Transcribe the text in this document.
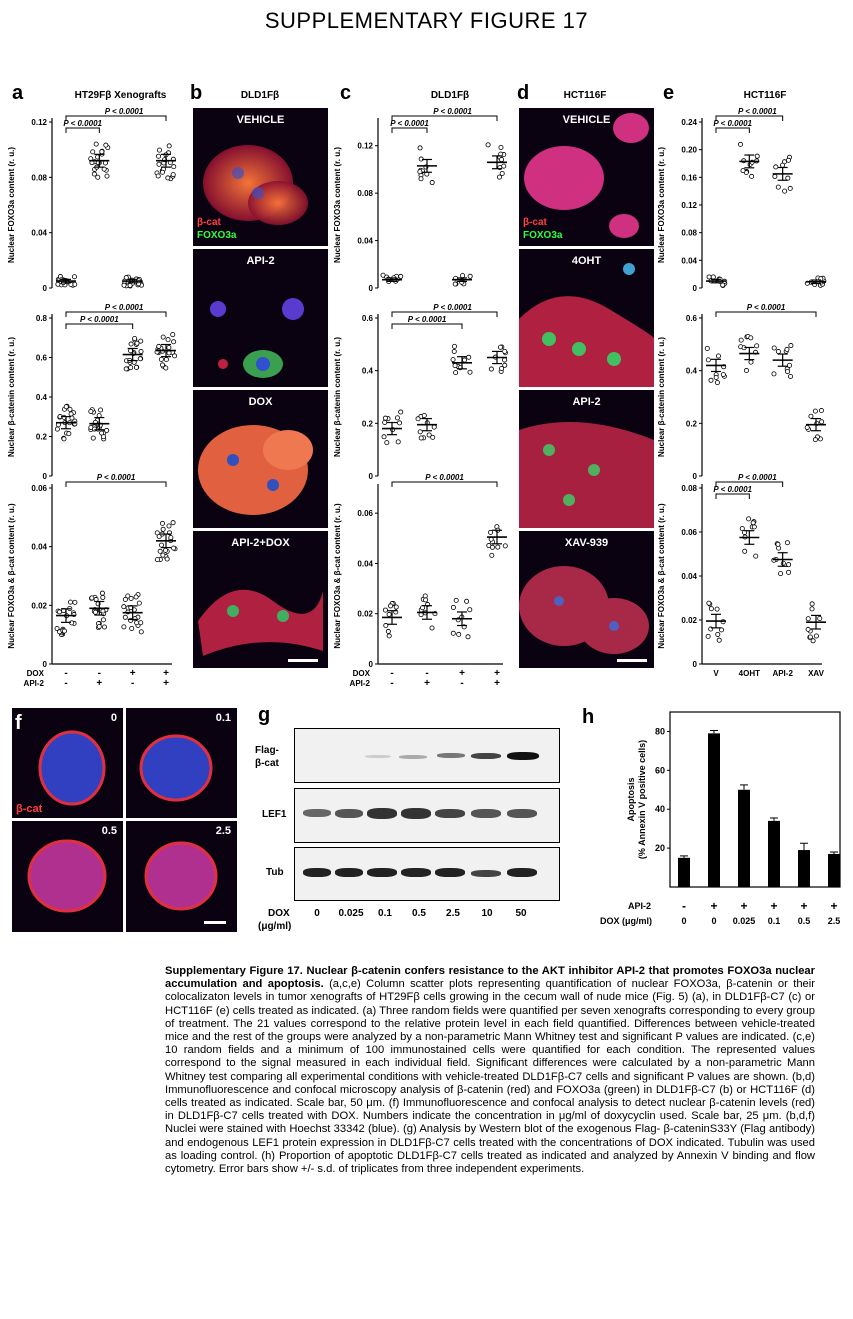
SUPPLEMENTARY FIGURE 17
a	HT29Fβ Xenografts	b	DLD1Fβ	c	DLD1Fβ	d	HCT116F	e	HCT116F
0
0.04
0.08
0.12
Nuclear FOXO3a content (r. u.)
P < 0.0001
P < 0.0001
0
0.2
0.4
0.6
0.8
Nuclear β-catenin content (r. u.)
P < 0.0001
P < 0.0001
0
0.02
0.04
0.06
Nuclear FOXO3a & β-cat content (r. u.)
P < 0.0001
DOX
API-2
-	-	+	+
-	+	-	+
0
0.04
0.08
0.12
Nuclear FOXO3a content (r. u.)
P < 0.0001
P < 0.0001
0
0.2
0.4
0.6
Nuclear β-catenin content (r. u.)
P < 0.0001
P < 0.0001
0
0.02
0.04
0.06
Nuclear FOXO3a & β-cat content (r. u.)
P < 0.0001
DOX
API-2
-	-	+	+
-	+	-	+
0
0.04
0.08
0.12
0.16
0.20
0.24
Nuclear FOXO3a content (r. u.)
P < 0.0001
P < 0.0001
0
0.2
0.4
0.6
Nuclear β-catenin content (r. u.)
P < 0.0001
0
0.02
0.04
0.06
0.08
Nuclear FOXO3a & β-cat content (r. u.)
P < 0.0001
P < 0.0001
V 4OHT API-2 XAV
VEHICLE
β-cat
FOXO3a
API-2
DOX
API-2+DOX
VEHICLE
β-cat
FOXO3a
4OHT
API-2
XAV-939
f	0	0.1
0.5	2.5
β-cat
g
Flag-
β-cat
LEF1
Tub
DOX
(μg/ml)
0	0.025	0.1	0.5	2.5	10	50
h
20
40
60
80
Apoptosis (% Annexin V positive cells)
API-2
DOX (μg/ml)
- + + + + +
0	0 0.025 0.1 0.5 2.5
Supplementary Figure 17. Nuclear β-catenin confers resistance to the AKT inhibitor API-2 that promotes FOXO3a nuclear accumulation and apoptosis. (a,c,e) Column scatter plots representing quantification of nuclear FOXO3a, β-catenin or their colocalizaton levels in tumor xenografts of HT29Fβ cells growing in the cecum wall of nude mice (Fig. 5) (a), in DLD1Fβ-C7 (c) or HCT116F (e) cells treated as indicated. (a) Three random fields were quantified per seven xenografts corresponding to every group of treatment. The 21 values correspond to the relative protein level in each field quantified. Differences between vehicle-treated mice and the rest of the groups were analyzed by a non-parametric Mann Whitney test and significant P values are indicated. (c,e) 10 random fields and a minimum of 100 immunostained cells were quantified for each condition. The represented values correspond to the signal measured in each individual field. Significant differences were calculated by a non-parametric Mann Whitney test comparing all experimental conditions with vehicle-treated DLD1Fβ-C7 cells and significant P values are shown. (b,d) Immunofluorescence and confocal microscopy analysis of β-catenin (red) and FOXO3a (green) in DLD1Fβ-C7 (b) or HCT116F (d) cells treated as indicated. Scale bar, 50 μm. (f) Immunofluorescence and confocal analysis to detect nuclear β-catenin levels (red) in DLD1Fβ-C7 cells treated with DOX. Numbers indicate the concentration in μg/ml of doxycyclin used. Scale bar, 25 μm. (b,d,f) Nuclei were stained with Hoechst 33342 (blue). (g) Analysis by Western blot of the exogenous Flag- β-cateninS33Y (Flag antibody) and endogenous LEF1 protein expression in DLD1Fβ-C7 cells treated with the concentrations of DOX indicated. Tubulin was used as loading control. (h) Proportion of apoptotic DLD1Fβ-C7 cells treated as indicated and analyzed by Annexin V binding and flow cytometry. Error bars show +/- s.d. of triplicates from three independent experiments.
